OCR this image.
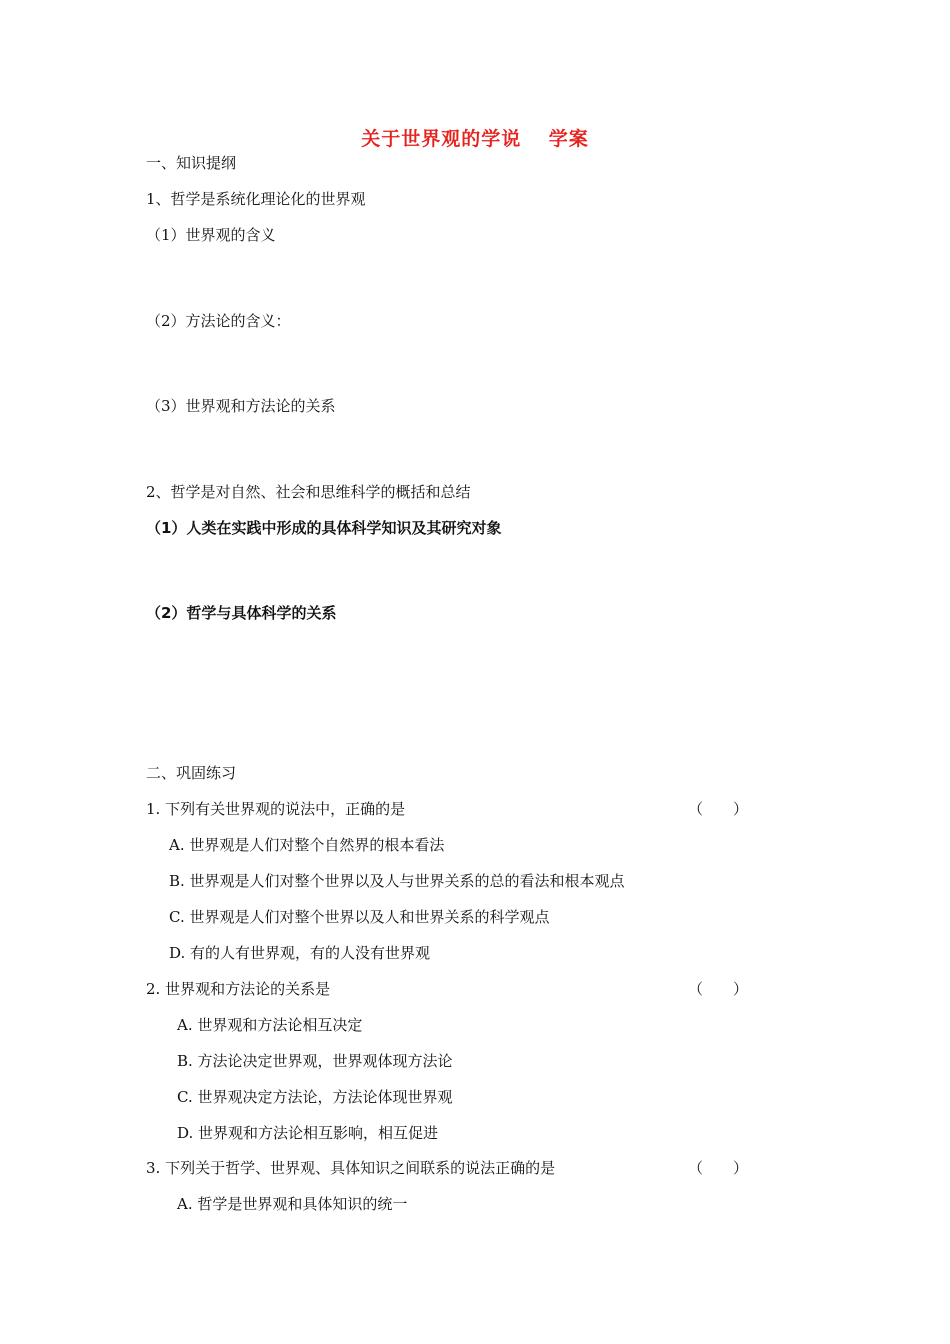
关于世界观的学说　 学案
一、知识提纲
1、哲学是系统化理论化的世界观
（1）世界观的含义
（2）方法论的含义：
（3）世界观和方法论的关系
2、哲学是对自然、社会和思维科学的概括和总结
（1）人类在实践中形成的具体科学知识及其研究对象
（2）哲学与具体科学的关系
二、巩固练习
1. 下列有关世界观的说法中，正确的是	（　　）
A. 世界观是人们对整个自然界的根本看法
B. 世界观是人们对整个世界以及人与世界关系的总的看法和根本观点
C. 世界观是人们对整个世界以及人和世界关系的科学观点
D. 有的人有世界观，有的人没有世界观
2. 世界观和方法论的关系是	（　　）
A. 世界观和方法论相互决定
B. 方法论决定世界观，世界观体现方法论
C. 世界观决定方法论，方法论体现世界观
D. 世界观和方法论相互影响，相互促进
3. 下列关于哲学、世界观、具体知识之间联系的说法正确的是	（　　）
A. 哲学是世界观和具体知识的统一
